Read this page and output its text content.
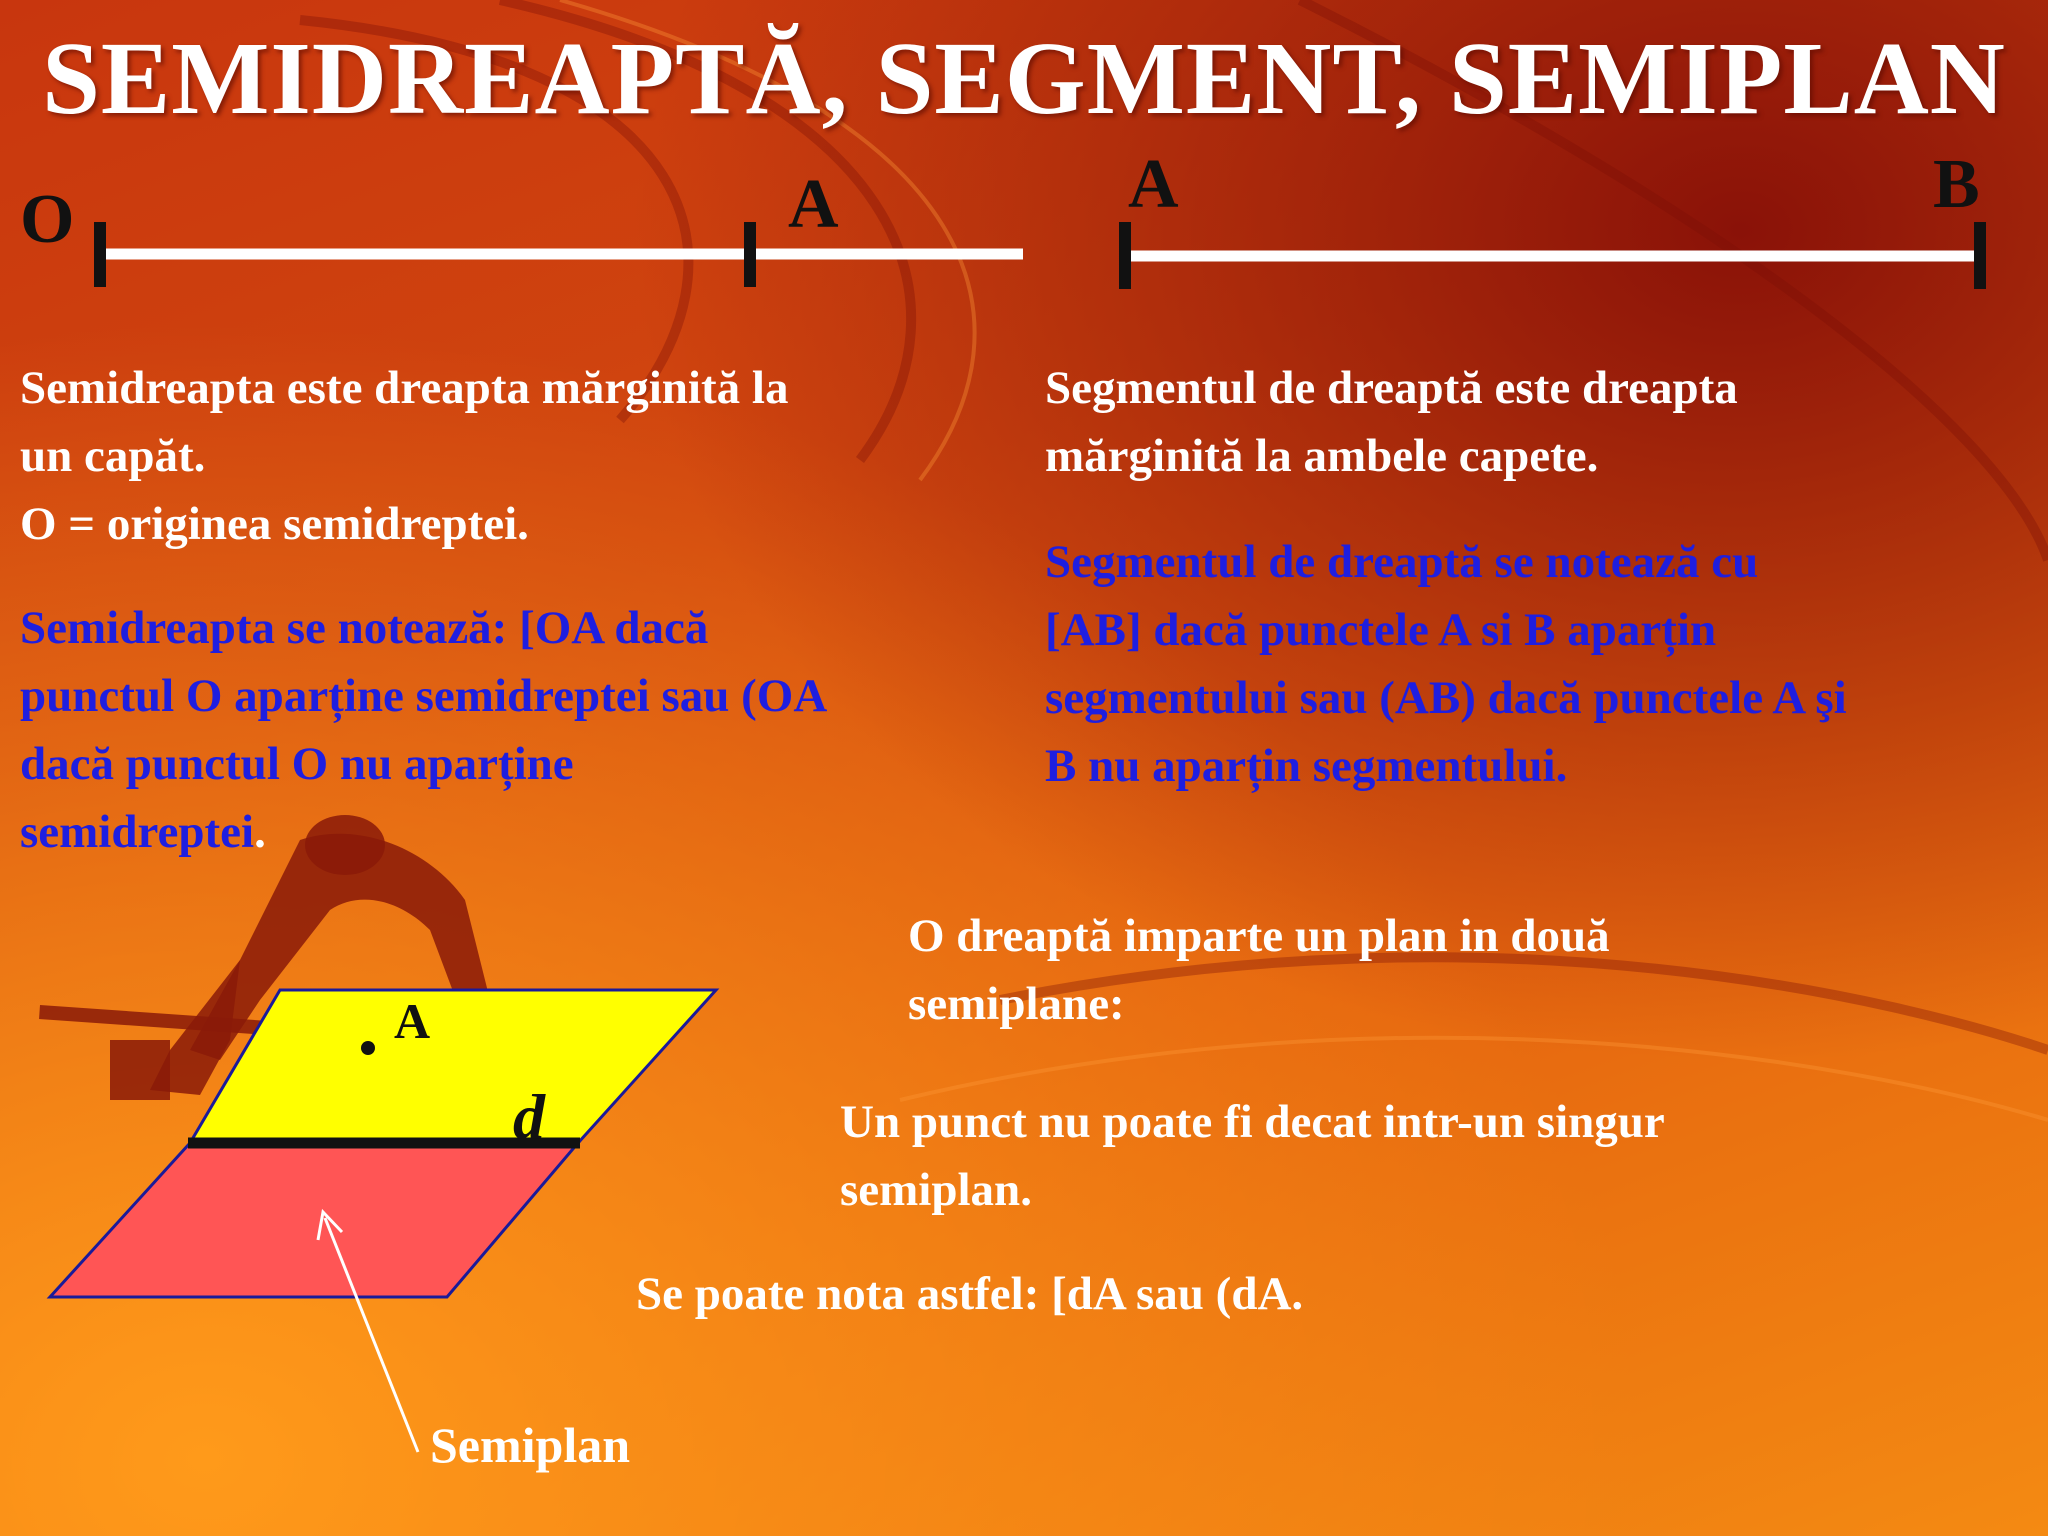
SEMIDREAPTĂ, SEGMENT, SEMIPLAN
O	A	A	B
Semidreapta este dreapta mărginită la
un capăt.
O = originea semidreptei.
Semidreapta se notează: [OA dacă
punctul O aparține semidreptei sau (OA
dacă punctul O nu aparține
semidreptei.
Segmentul de dreaptă este dreapta
mărginită la ambele capete.
Segmentul de dreaptă se notează cu
[AB] dacă punctele A si B aparțin
segmentului sau (AB) dacă punctele A şi
B nu aparțin segmentului.
A
d
Semiplan
O dreaptă imparte un plan in două
semiplane:
Un punct nu poate fi decat intr-un singur
semiplan.
Se poate nota astfel: [dA sau (dA.
